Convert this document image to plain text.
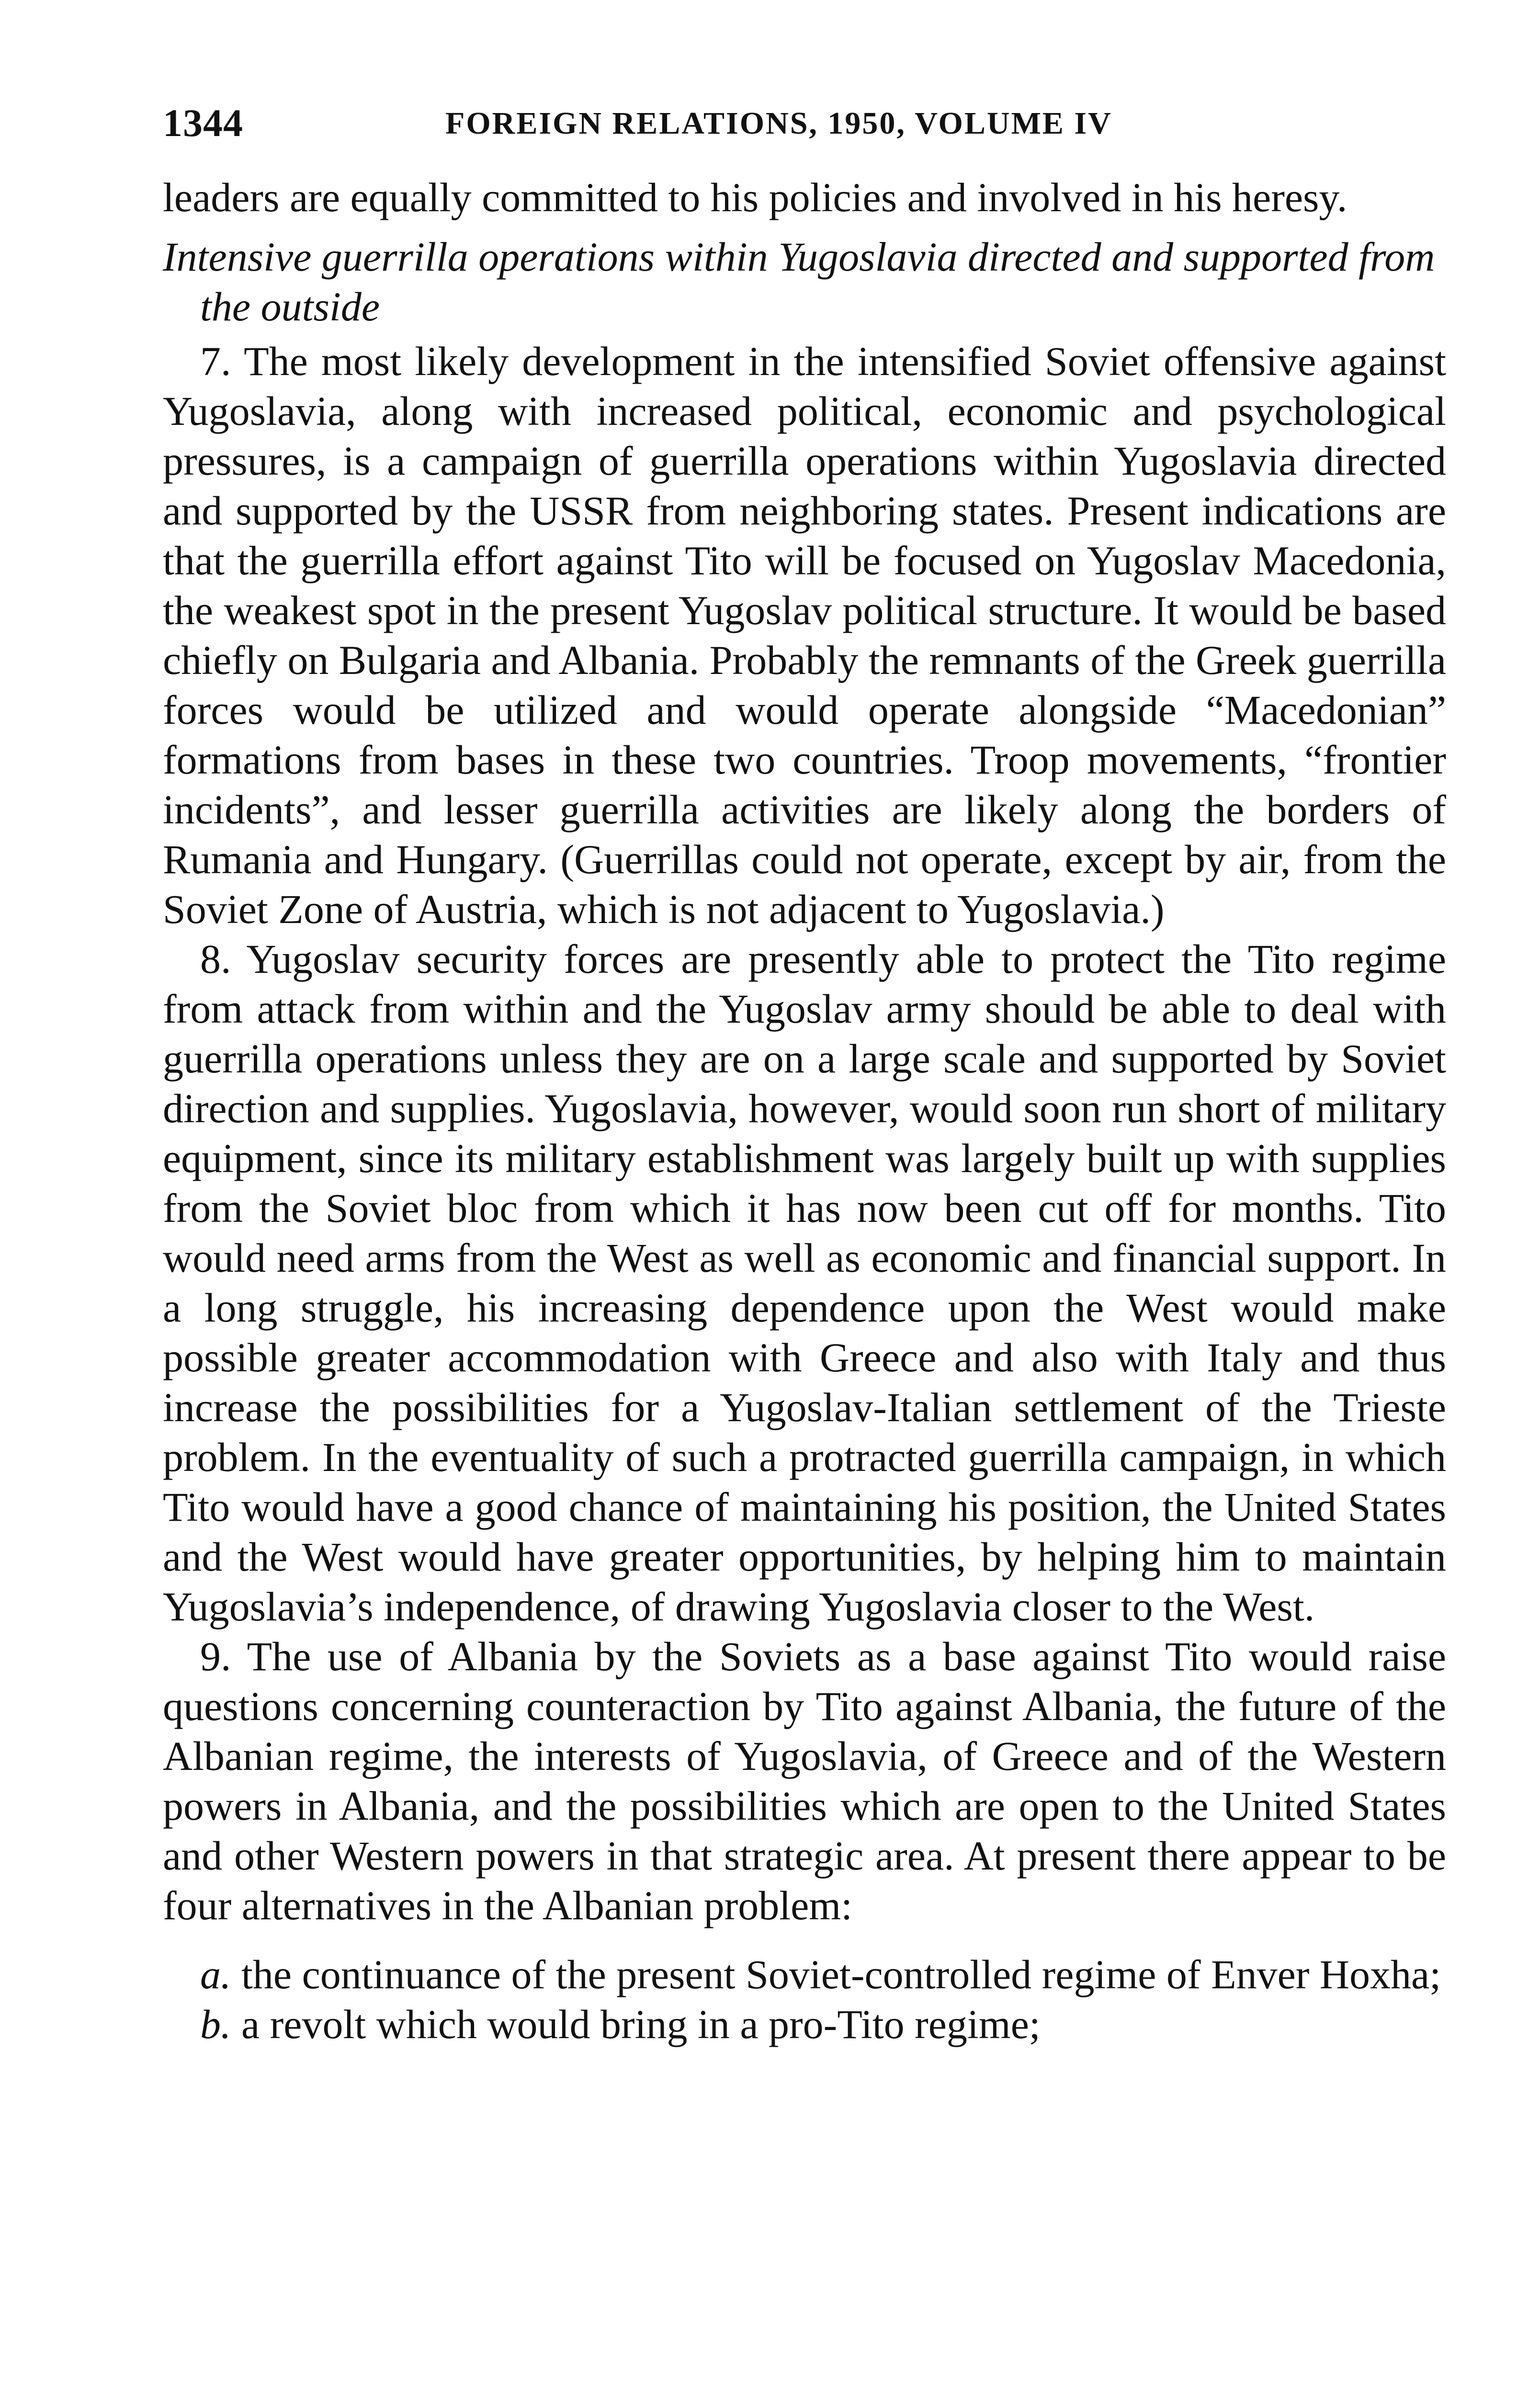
1344	FOREIGN RELATIONS, 1950, VOLUME IV

leaders are equally committed to his policies and involved in his heresy.

Intensive guerrilla operations within Yugoslavia directed and supported from the outside

7. The most likely development in the intensified Soviet offensive against Yugoslavia, along with increased political, economic and psychological pressures, is a campaign of guerrilla operations within Yugoslavia directed and supported by the USSR from neighboring states. Present indications are that the guerrilla effort against Tito will be focused on Yugoslav Macedonia, the weakest spot in the present Yugoslav political structure. It would be based chiefly on Bulgaria and Albania. Probably the remnants of the Greek guerrilla forces would be utilized and would operate alongside “Macedonian” formations from bases in these two countries. Troop movements, “frontier incidents”, and lesser guerrilla activities are likely along the borders of Rumania and Hungary. (Guerrillas could not operate, except by air, from the Soviet Zone of Austria, which is not adjacent to Yugoslavia.)

8. Yugoslav security forces are presently able to protect the Tito regime from attack from within and the Yugoslav army should be able to deal with guerrilla operations unless they are on a large scale and supported by Soviet direction and supplies. Yugoslavia, however, would soon run short of military equipment, since its military establishment was largely built up with supplies from the Soviet bloc from which it has now been cut off for months. Tito would need arms from the West as well as economic and financial support. In a long struggle, his increasing dependence upon the West would make possible greater accommodation with Greece and also with Italy and thus increase the possibilities for a Yugoslav-Italian settlement of the Trieste problem. In the eventuality of such a protracted guerrilla campaign, in which Tito would have a good chance of maintaining his position, the United States and the West would have greater opportunities, by helping him to maintain Yugoslavia’s independence, of drawing Yugoslavia closer to the West.

9. The use of Albania by the Soviets as a base against Tito would raise questions concerning counteraction by Tito against Albania, the future of the Albanian regime, the interests of Yugoslavia, of Greece and of the Western powers in Albania, and the possibilities which are open to the United States and other Western powers in that strategic area. At present there appear to be four alternatives in the Albanian problem:

a. the continuance of the present Soviet-controlled regime of Enver Hoxha;

b. a revolt which would bring in a pro-Tito regime;
